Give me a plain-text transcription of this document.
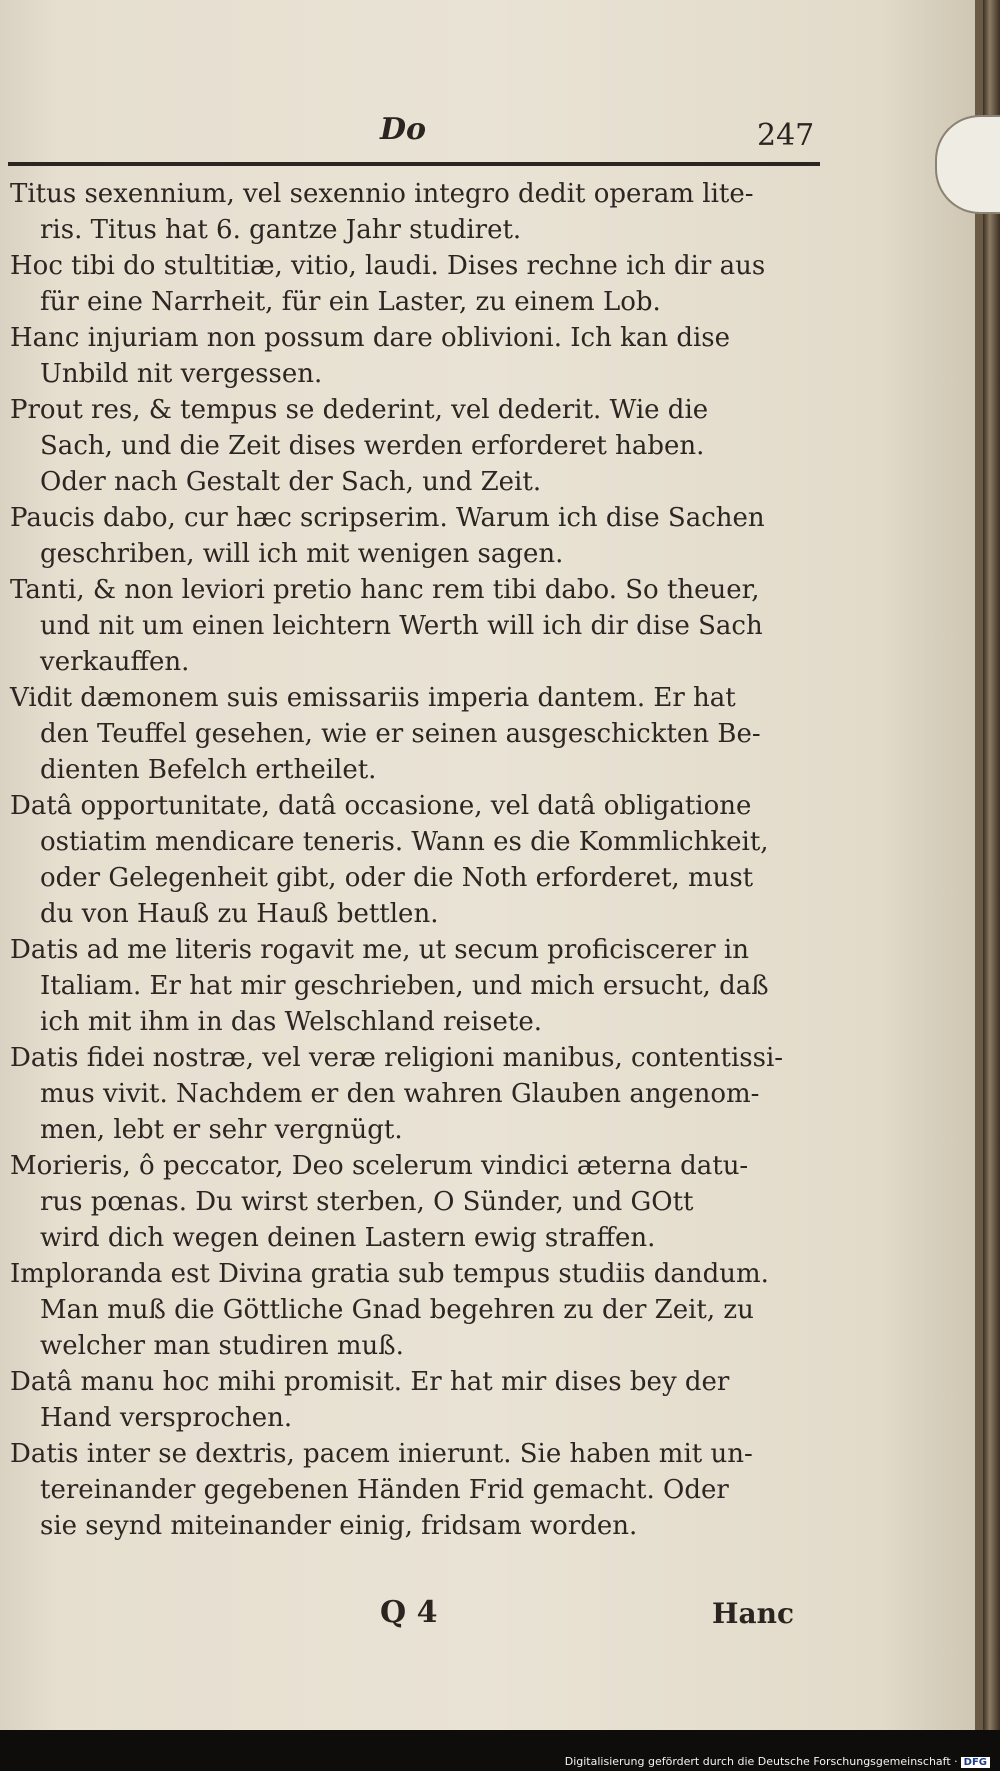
Do	247
Titus sexennium, vel sexennio integro dedit operam lite-
ris. Titus hat 6. gantze Jahr studiret.
Hoc tibi do stultitiæ, vitio, laudi. Dises rechne ich dir aus
für eine Narrheit, für ein Laster, zu einem Lob.
Hanc injuriam non possum dare oblivioni. Ich kan dise
Unbild nit vergessen.
Prout res, & tempus se dederint, vel dederit. Wie die
Sach, und die Zeit dises werden erforderet haben.
Oder nach Gestalt der Sach, und Zeit.
Paucis dabo, cur hæc scripserim. Warum ich dise Sachen
geschriben, will ich mit wenigen sagen.
Tanti, & non leviori pretio hanc rem tibi dabo. So theuer,
und nit um einen leichtern Werth will ich dir dise Sach
verkauffen.
Vidit dæmonem suis emissariis imperia dantem. Er hat
den Teuffel gesehen, wie er seinen ausgeschickten Be-
dienten Befelch ertheilet.
Datâ opportunitate, datâ occasione, vel datâ obligatione
ostiatim mendicare teneris. Wann es die Kommlichkeit,
oder Gelegenheit gibt, oder die Noth erforderet, must
du von Hauß zu Hauß bettlen.
Datis ad me literis rogavit me, ut secum proficiscerer in
Italiam. Er hat mir geschrieben, und mich ersucht, daß
ich mit ihm in das Welschland reisete.
Datis fidei nostræ, vel veræ religioni manibus, contentissi-
mus vivit. Nachdem er den wahren Glauben angenom-
men, lebt er sehr vergnügt.
Morieris, ô peccator, Deo scelerum vindici æterna datu-
rus pœnas. Du wirst sterben, O Sünder, und GOtt
wird dich wegen deinen Lastern ewig straffen.
Imploranda est Divina gratia sub tempus studiis dandum.
Man muß die Göttliche Gnad begehren zu der Zeit, zu
welcher man studiren muß.
Datâ manu hoc mihi promisit. Er hat mir dises bey der
Hand versprochen.
Datis inter se dextris, pacem inierunt. Sie haben mit un-
tereinander gegebenen Händen Frid gemacht. Oder
sie seynd miteinander einig, fridsam worden.
Q 4	Hanc
Digitalisierung gefördert durch die Deutsche Forschungsgemeinschaft · DFG
